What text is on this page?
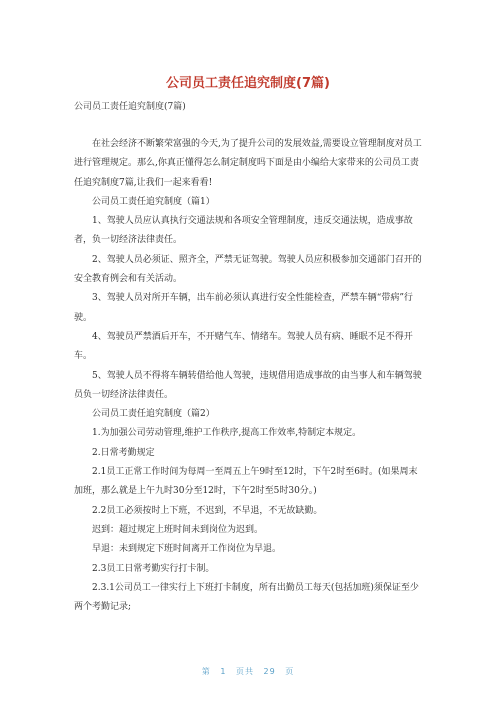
公司员工责任追究制度(7篇)

公司员工责任追究制度(7篇)

在社会经济不断繁荣富强的今天,为了提升公司的发展效益,需要设立管理制度对员工进行管理规定。那么,你真正懂得怎么制定制度吗下面是由小编给大家带来的公司员工责任追究制度7篇,让我们一起来看看!

公司员工责任追究制度（篇1）

1、驾驶人员应认真执行交通法规和各项安全管理制度，违反交通法规，造成事故者，负一切经济法律责任。

2、驾驶人员必须证、照齐全，严禁无证驾驶。驾驶人员应积极参加交通部门召开的安全教育例会和有关活动。

3、驾驶人员对所开车辆，出车前必须认真进行安全性能检查，严禁车辆“带病”行驶。

4、驾驶员严禁酒后开车，不开赌气车、情绪车。驾驶人员有病、睡眠不足不得开车。

5、驾驶人员不得将车辆转借给他人驾驶，违规借用造成事故的由当事人和车辆驾驶员负一切经济法律责任。

公司员工责任追究制度（篇2）

1.为加强公司劳动管理,维护工作秩序,提高工作效率,特制定本规定。

2.日常考勤规定

2.1员工正常工作时间为每周一至周五上午9时至12时，下午2时至6时。(如果周末加班，那么就是上午九时30分至12时，下午2时至5时30分。)

2.2员工必须按时上下班，不迟到，不早退，不无故缺勤。

迟到：超过规定上班时间未到岗位为迟到。

早退：未到规定下班时间离开工作岗位为早退。

2.3员工日常考勤实行打卡制。

2.3.1公司员工一律实行上下班打卡制度，所有出勤员工每天(包括加班)须保证至少两个考勤记录;

第 1 页共 29 页
